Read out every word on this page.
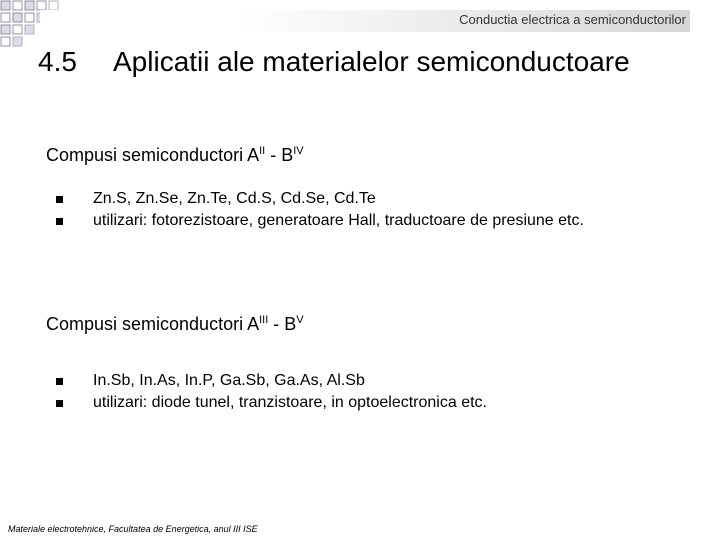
Conductia electrica a semiconductorilor
4.5 Aplicatii ale materialelor semiconductoare
Compusi semiconductori $A^{II} - B^{IV}$
Zn.S, Zn.Se, Zn.Te, Cd.S, Cd.Se, Cd.Te
utilizari: fotorezistoare, generatoare Hall, traductoare de presiune etc.
Compusi semiconductori $A^{III} - B^V$
In.Sb, In.As, In.P, Ga.Sb, Ga.As, Al.Sb
utilizari: diode tunel, tranzistoare, in optoelectronica etc.
Materiale electrotehnice, Facultatea de Energetica, anul III ISE
